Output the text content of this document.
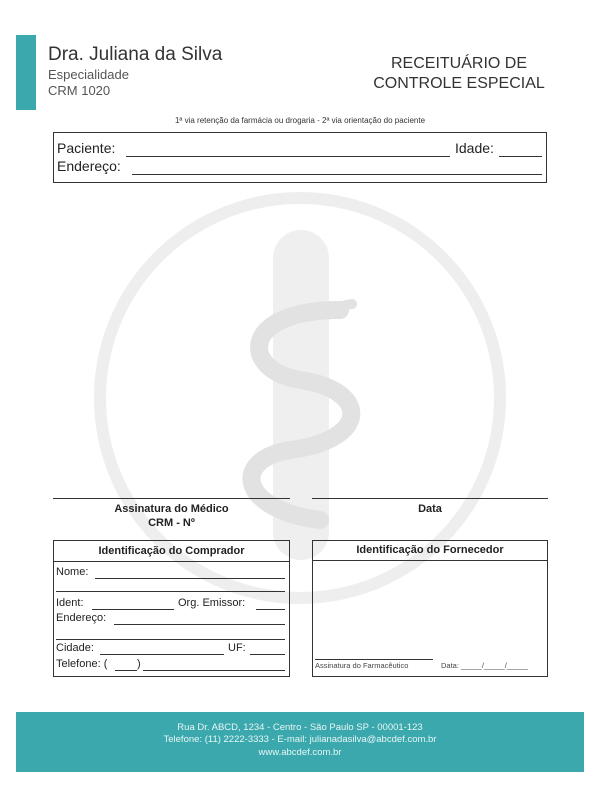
Dra. Juliana da Silva
Especialidade
CRM 1020
RECEITUÁRIO DE
CONTROLE ESPECIAL
1ª via retenção da farmácia ou drogaria - 2ª via orientação do paciente
Paciente:	Idade:
Endereço:
Assinatura do Médico
CRM - Nº
Data
Identificação do Comprador
Nome:
Ident:	Org. Emissor:
Endereço:
Cidade:	UF:
Telefone: (	)
Identificação do Fornecedor
Assinatura do Farmacêutico	Data: _____/_____/_____
Rua Dr. ABCD, 1234 - Centro - São Paulo SP - 00001-123
Telefone: (11) 2222-3333 - E-mail: julianadasilva@abcdef.com.br
www.abcdef.com.br
